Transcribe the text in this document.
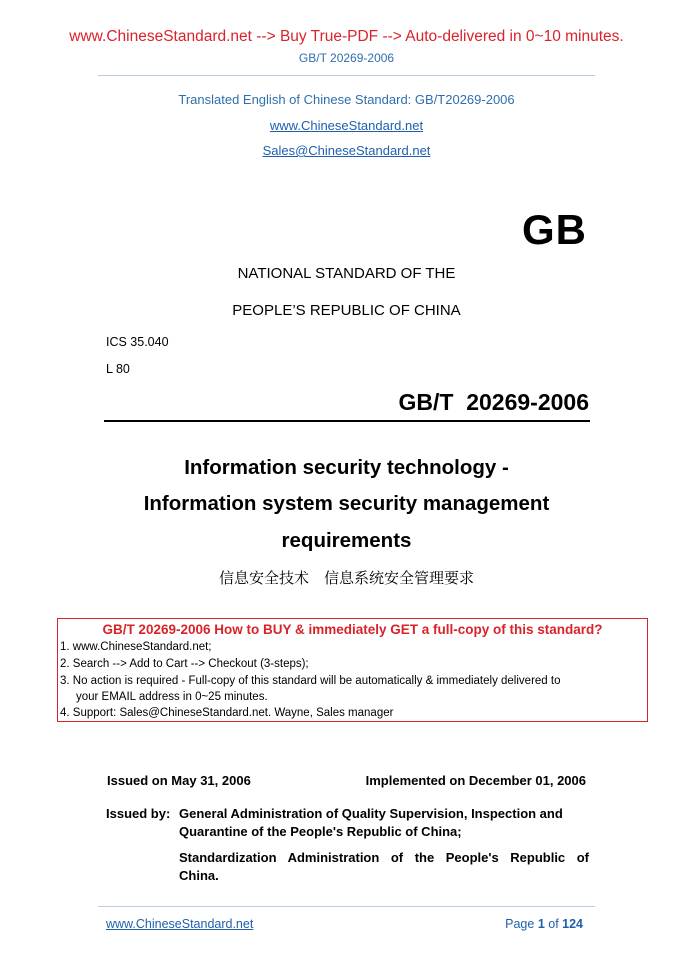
www.ChineseStandard.net --> Buy True-PDF --> Auto-delivered in 0~10 minutes.
GB/T 20269-2006
Translated English of Chinese Standard: GB/T20269-2006
www.ChineseStandard.net
Sales@ChineseStandard.net
GB
NATIONAL STANDARD OF THE
PEOPLE’S REPUBLIC OF CHINA
ICS 35.040
L 80
GB/T  20269-2006
Information security technology -
Information system security management
requirements
信息安全技术　信息系统安全管理要求
GB/T 20269-2006 How to BUY & immediately GET a full-copy of this standard?
1. www.ChineseStandard.net;
2. Search --> Add to Cart --> Checkout (3-steps);
3. No action is required - Full-copy of this standard will be automatically & immediately delivered to
your EMAIL address in 0~25 minutes.
4. Support: Sales@ChineseStandard.net. Wayne, Sales manager
Issued on May 31, 2006	Implemented on December 01, 2006
Issued by: General Administration of Quality Supervision, Inspection and
Quarantine of the People's Republic of China;
Standardization Administration of the People's Republic of
China.
www.ChineseStandard.net	Page 1 of 124
